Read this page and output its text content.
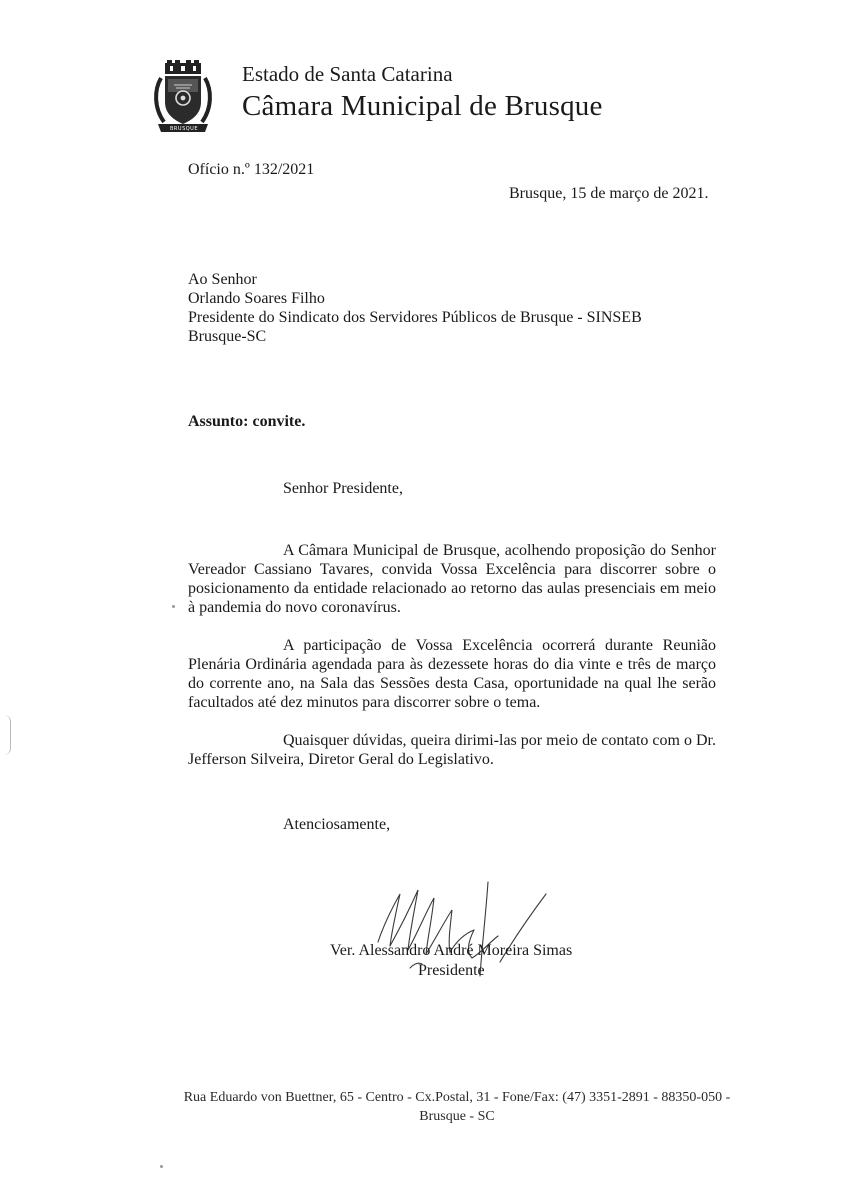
BRUSQUE
Estado de Santa Catarina
Câmara Municipal de Brusque
Ofício n.º 132/2021
Brusque, 15 de março de 2021.
Ao Senhor
Orlando Soares Filho
Presidente do Sindicato dos Servidores Públicos de Brusque - SINSEB
Brusque-SC
Assunto: convite.
Senhor Presidente,

A Câmara Municipal de Brusque, acolhendo proposição do Senhor Vereador Cassiano Tavares, convida Vossa Excelência para discorrer sobre o posicionamento da entidade relacionado ao retorno das aulas presenciais em meio à pandemia do novo coronavírus.

A participação de Vossa Excelência ocorrerá durante Reunião Plenária Ordinária agendada para às dezessete horas do dia vinte e três de março do corrente ano, na Sala das Sessões desta Casa, oportunidade na qual lhe serão facultados até dez minutos para discorrer sobre o tema.

Quaisquer dúvidas, queira dirimi-las por meio de contato com o Dr. Jefferson Silveira, Diretor Geral do Legislativo.

Atenciosamente,
Ver. Alessandro André Moreira Simas
Presidente
Rua Eduardo von Buettner, 65 - Centro - Cx.Postal, 31 - Fone/Fax: (47) 3351-2891 - 88350-050 -
Brusque - SC
